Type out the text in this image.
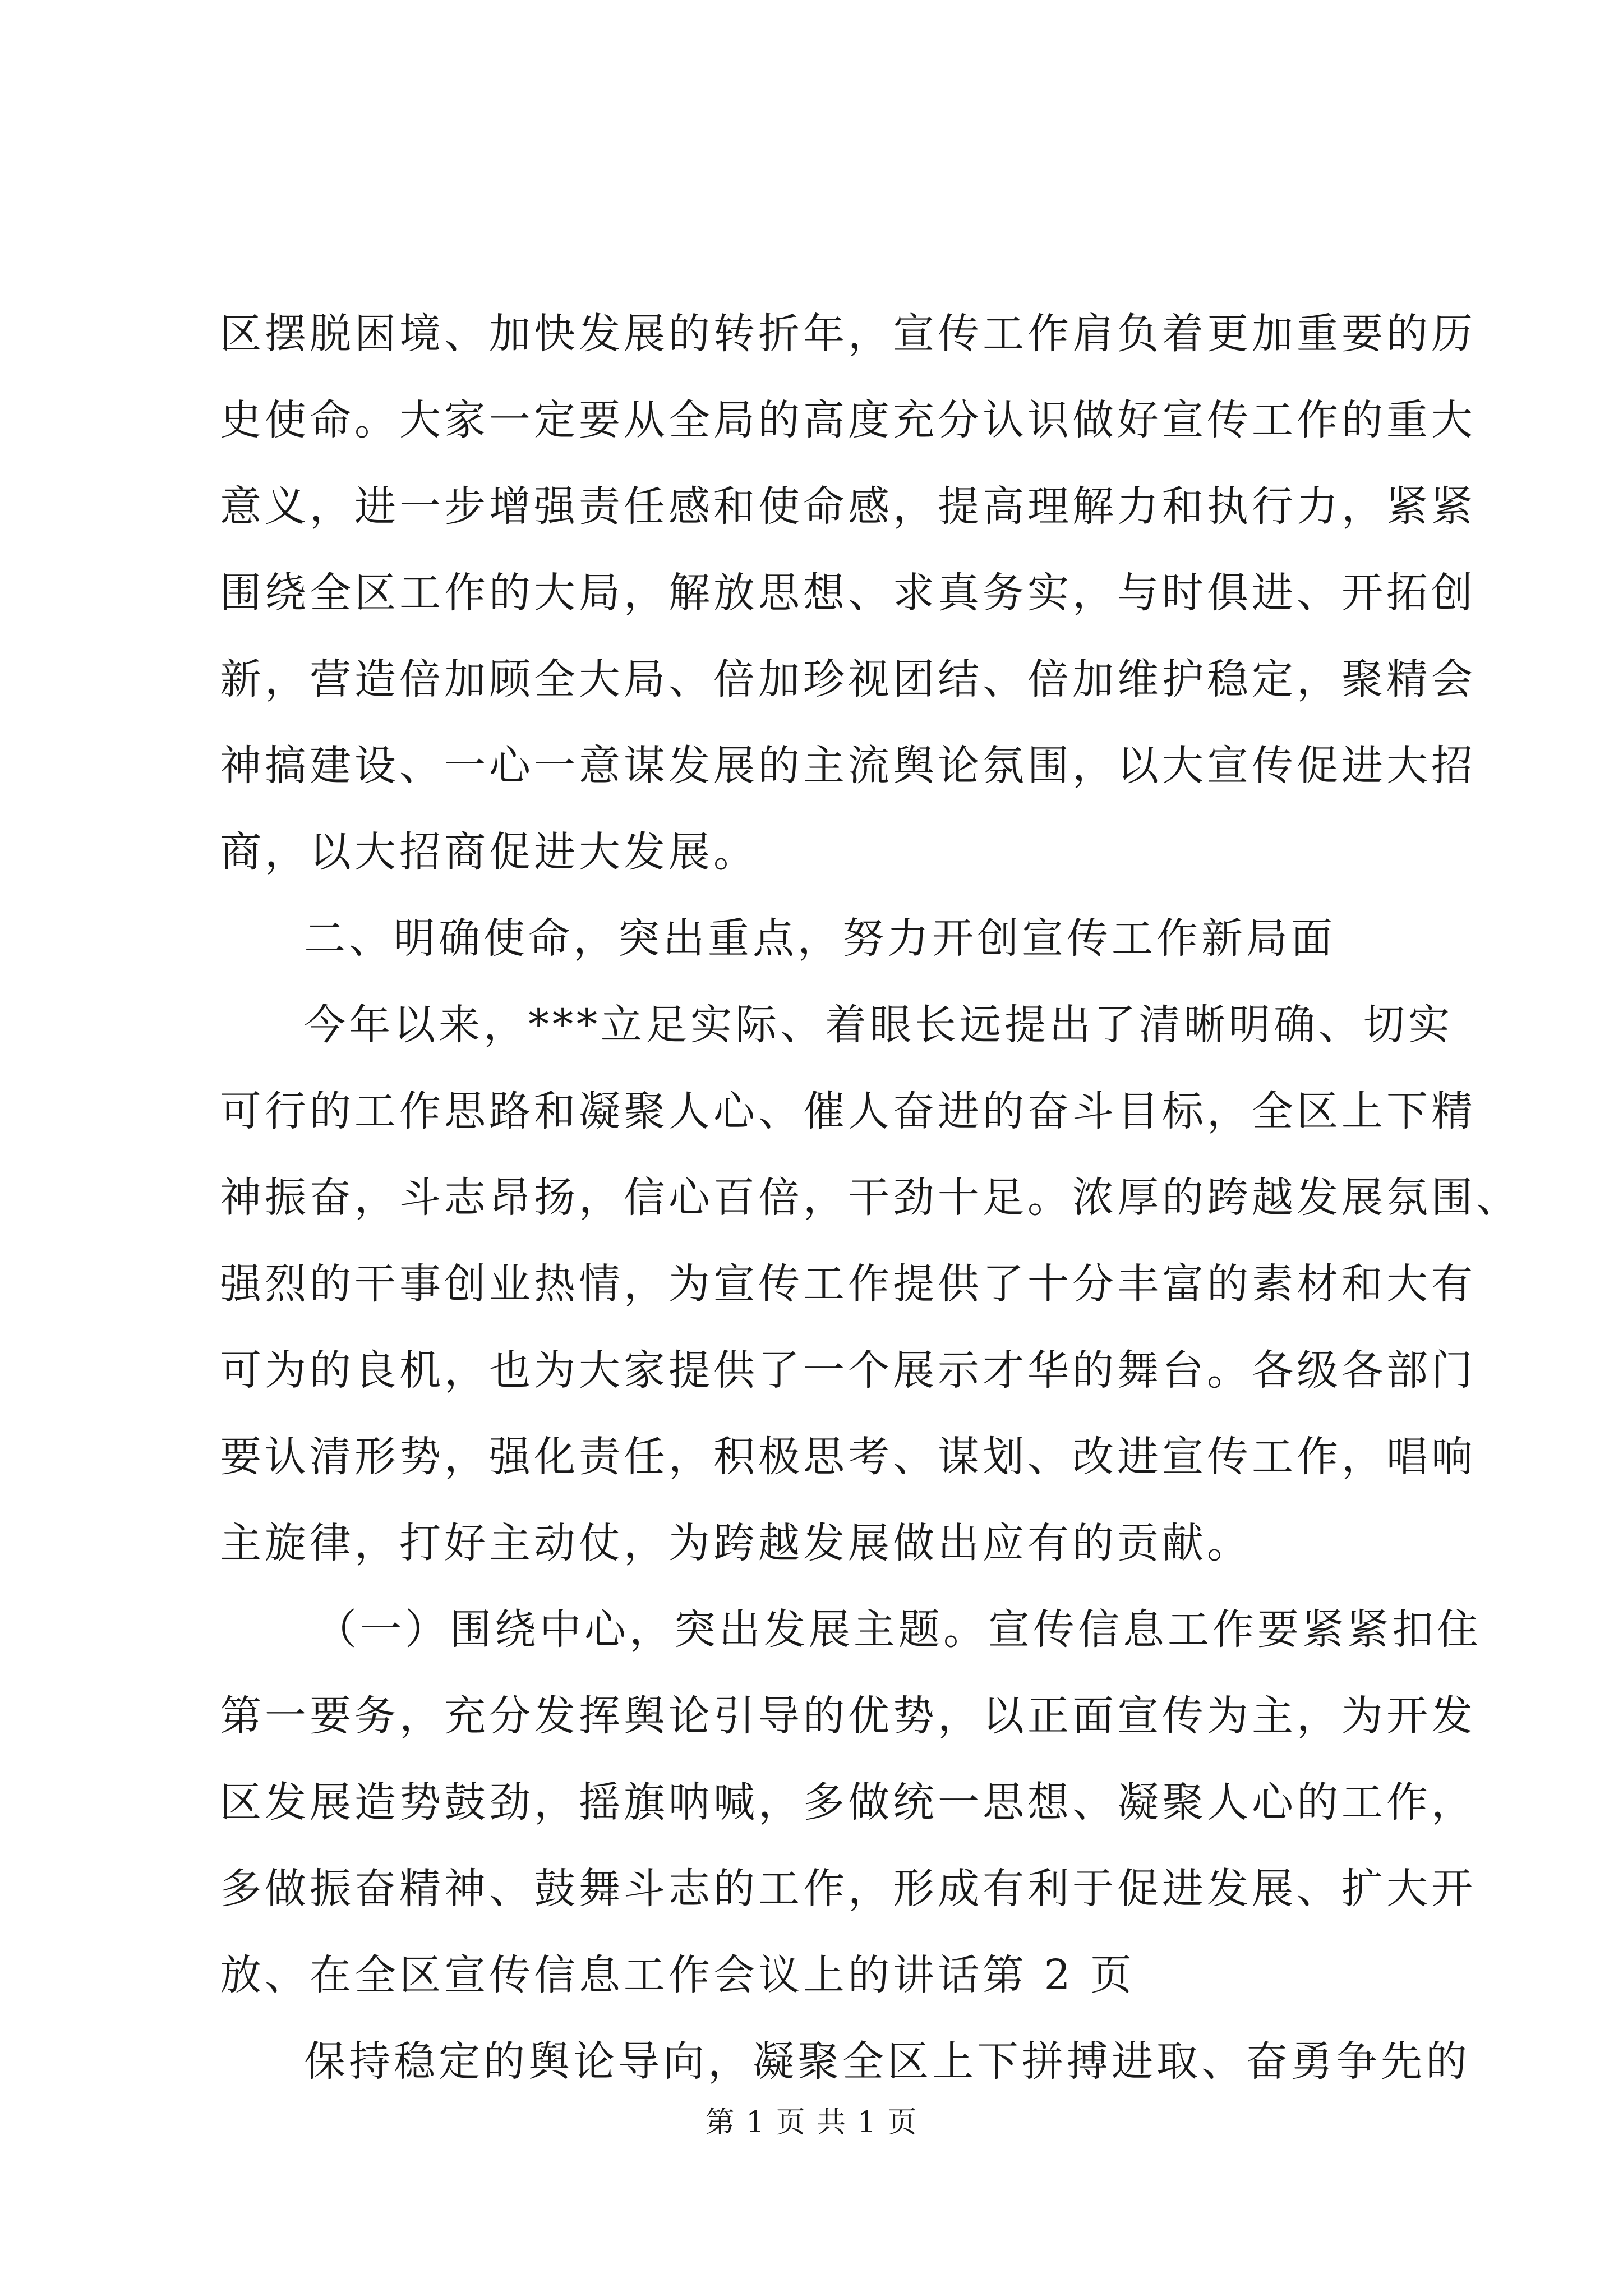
区摆脱困境、加快发展的转折年，宣传工作肩负着更加重要的历
史使命。大家一定要从全局的高度充分认识做好宣传工作的重大
意义，进一步增强责任感和使命感，提高理解力和执行力，紧紧
围绕全区工作的大局，解放思想、求真务实，与时俱进、开拓创
新，营造倍加顾全大局、倍加珍视团结、倍加维护稳定，聚精会
神搞建设、一心一意谋发展的主流舆论氛围，以大宣传促进大招
商，以大招商促进大发展。
二、明确使命，突出重点，努力开创宣传工作新局面
今年以来，***立足实际、着眼长远提出了清晰明确、切实
可行的工作思路和凝聚人心、催人奋进的奋斗目标，全区上下精
神振奋，斗志昂扬，信心百倍，干劲十足。浓厚的跨越发展氛围、
强烈的干事创业热情，为宣传工作提供了十分丰富的素材和大有
可为的良机，也为大家提供了一个展示才华的舞台。各级各部门
要认清形势，强化责任，积极思考、谋划、改进宣传工作，唱响
主旋律，打好主动仗，为跨越发展做出应有的贡献。
（一）围绕中心，突出发展主题。宣传信息工作要紧紧扣住
第一要务，充分发挥舆论引导的优势，以正面宣传为主，为开发
区发展造势鼓劲，摇旗呐喊，多做统一思想、凝聚人心的工作，
多做振奋精神、鼓舞斗志的工作，形成有利于促进发展、扩大开
放、在全区宣传信息工作会议上的讲话第 2 页
保持稳定的舆论导向，凝聚全区上下拼搏进取、奋勇争先的
第 1 页 共 1 页
